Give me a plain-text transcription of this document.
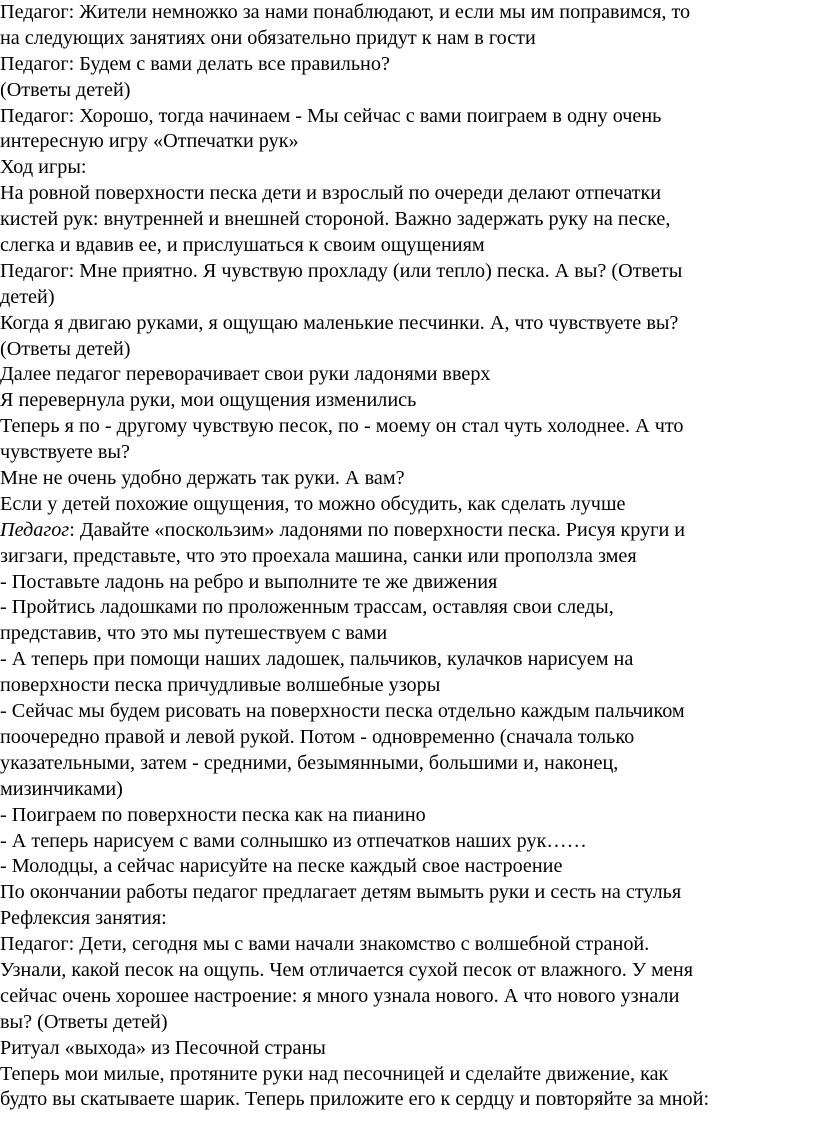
Педагог: Жители немножко за нами понаблюдают, и если мы им поправимся, то
на следующих занятиях они обязательно придут к нам в гости
Педагог: Будем с вами делать все правильно?
(Ответы детей)
Педагог: Хорошо, тогда начинаем - Мы сейчас с вами поиграем в одну очень
интересную игру «Отпечатки рук»
Ход игры:
На ровной поверхности песка дети и взрослый по очереди делают отпечатки
кистей рук: внутренней и внешней стороной. Важно задержать руку на песке,
слегка и вдавив ее, и прислушаться к своим ощущениям
Педагог: Мне приятно. Я чувствую прохладу (или тепло) песка. А вы? (Ответы
детей)
Когда я двигаю руками, я ощущаю маленькие песчинки. А, что чувствуете вы?
(Ответы детей)
Далее педагог переворачивает свои руки ладонями вверх
Я перевернула руки, мои ощущения изменились
Теперь я по - другому чувствую песок, по - моему он стал чуть холоднее. А что
чувствуете вы?
Мне не очень удобно держать так руки. А вам?
Если у детей похожие ощущения, то можно обсудить, как сделать лучше
Педагог: Давайте «поскользим» ладонями по поверхности песка. Рисуя круги и
зигзаги, представьте, что это проехала машина, санки или проползла змея
- Поставьте ладонь на ребро и выполните те же движения
- Пройтись ладошками по проложенным трассам, оставляя свои следы,
представив, что это мы путешествуем с вами
- А теперь при помощи наших ладошек, пальчиков, кулачков нарисуем на
поверхности песка причудливые волшебные узоры
- Сейчас мы будем рисовать на поверхности песка отдельно каждым пальчиком
поочередно правой и левой рукой. Потом - одновременно (сначала только
указательными, затем - средними, безымянными, большими и, наконец,
мизинчиками)
- Поиграем по поверхности песка как на пианино
- А теперь нарисуем с вами солнышко из отпечатков наших рук……
- Молодцы, а сейчас нарисуйте на песке каждый свое настроение
По окончании работы педагог предлагает детям вымыть руки и сесть на стулья
Рефлексия занятия:
Педагог: Дети, сегодня мы с вами начали знакомство с волшебной страной.
Узнали, какой песок на ощупь. Чем отличается сухой песок от влажного. У меня
сейчас очень хорошее настроение: я много узнала нового. А что нового узнали
вы? (Ответы детей)
Ритуал «выхода» из Песочной страны
Теперь мои милые, протяните руки над песочницей и сделайте движение, как
будто вы скатываете шарик. Теперь приложите его к сердцу и повторяйте за мной:
